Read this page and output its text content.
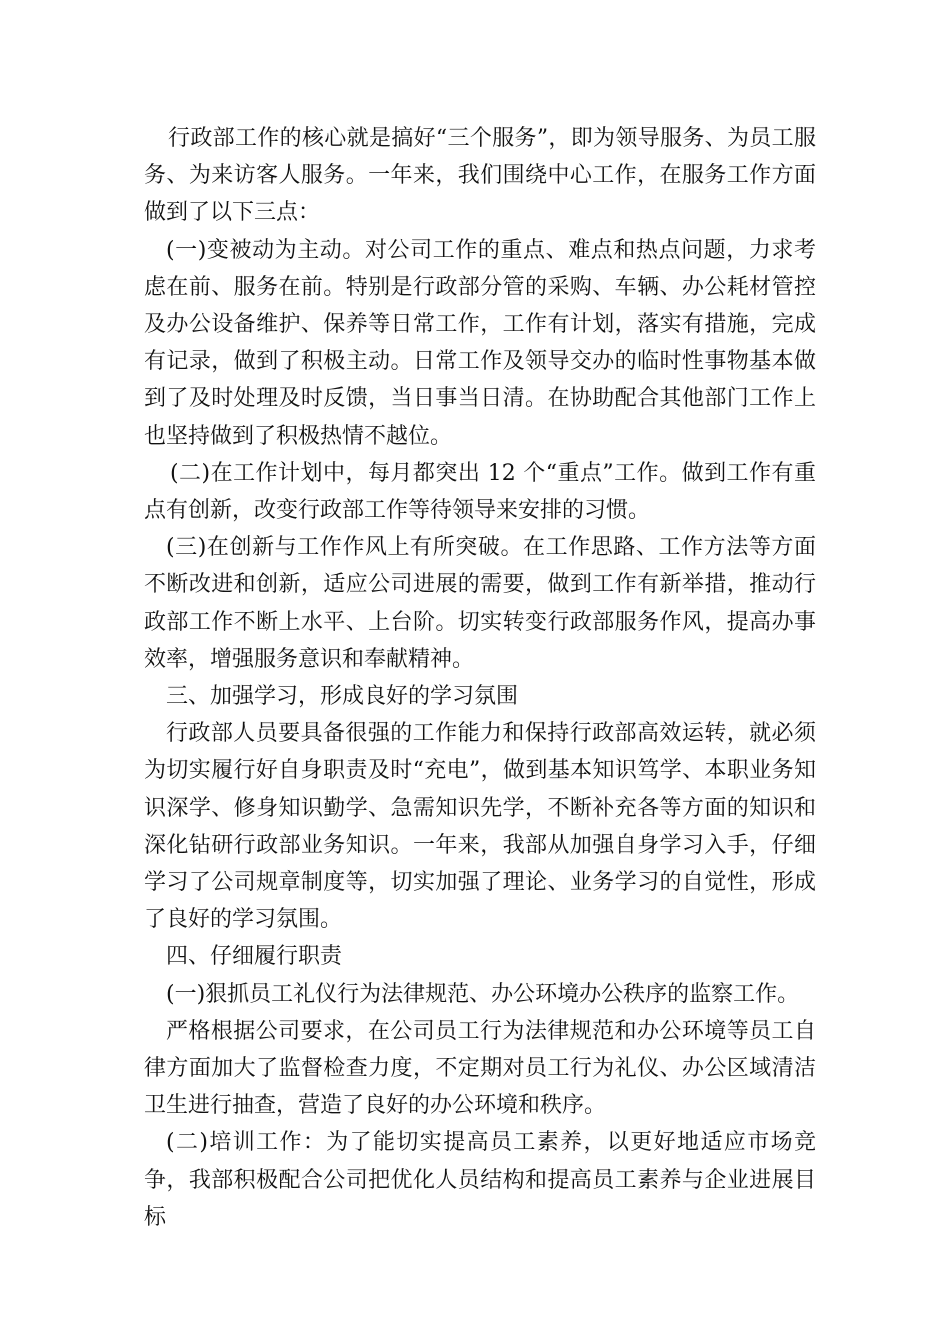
行政部工作的核心就是搞好“三个服务”，即为领导服务、为员工服务、为来访客人服务。一年来，我们围绕中心工作，在服务工作方面做到了以下三点：

(一)变被动为主动。对公司工作的重点、难点和热点问题，力求考虑在前、服务在前。特别是行政部分管的采购、车辆、办公耗材管控及办公设备维护、保养等日常工作，工作有计划，落实有措施，完成有记录，做到了积极主动。日常工作及领导交办的临时性事物基本做到了及时处理及时反馈，当日事当日清。在协助配合其他部门工作上也坚持做到了积极热情不越位。

(二)在工作计划中，每月都突出 12 个“重点”工作。做到工作有重点有创新，改变行政部工作等待领导来安排的习惯。

(三)在创新与工作作风上有所突破。在工作思路、工作方法等方面不断改进和创新，适应公司进展的需要，做到工作有新举措，推动行政部工作不断上水平、上台阶。切实转变行政部服务作风，提高办事效率，增强服务意识和奉献精神。

三、加强学习，形成良好的学习氛围

行政部人员要具备很强的工作能力和保持行政部高效运转，就必须为切实履行好自身职责及时“充电”，做到基本知识笃学、本职业务知识深学、修身知识勤学、急需知识先学，不断补充各等方面的知识和深化钻研行政部业务知识。一年来，我部从加强自身学习入手，仔细学习了公司规章制度等，切实加强了理论、业务学习的自觉性，形成了良好的学习氛围。

四、仔细履行职责

(一)狠抓员工礼仪行为法律规范、办公环境办公秩序的监察工作。

严格根据公司要求，在公司员工行为法律规范和办公环境等员工自律方面加大了监督检查力度，不定期对员工行为礼仪、办公区域清洁卫生进行抽查，营造了良好的办公环境和秩序。

(二)培训工作：为了能切实提高员工素养，以更好地适应市场竞争，我部积极配合公司把优化人员结构和提高员工素养与企业进展目标
